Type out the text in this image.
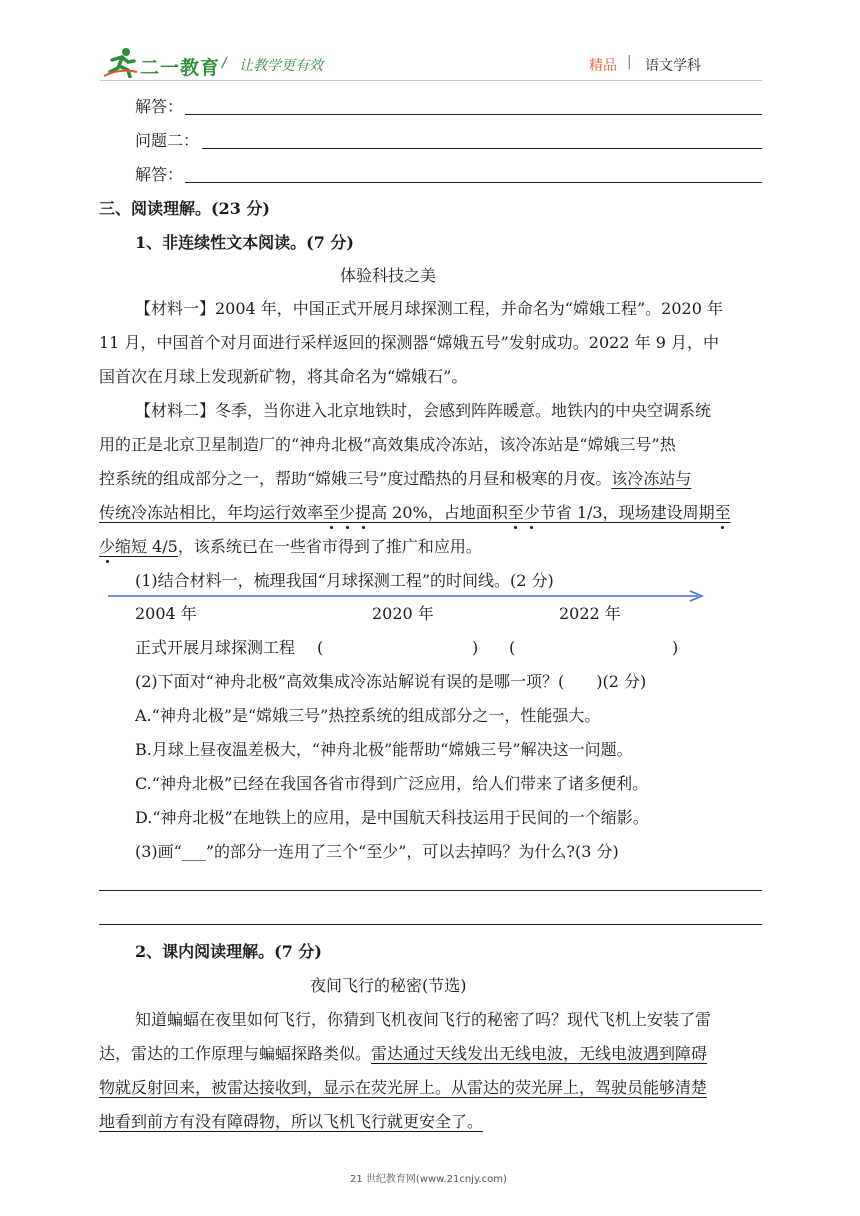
二一教育 / 让教学更有效	精品 | 语文学科
解答：
问题二：
解答：
三、阅读理解。(23 分)
1、非连续性文本阅读。(7 分)
体验科技之美
【材料一】2004 年，中国正式开展月球探测工程，并命名为“嫦娥工程”。2020 年
11 月，中国首个对月面进行采样返回的探测器“嫦娥五号”发射成功。2022 年 9 月，中
国首次在月球上发现新矿物，将其命名为“嫦娥石”。
【材料二】冬季，当你进入北京地铁时，会感到阵阵暖意。地铁内的中央空调系统
用的正是北京卫星制造厂的“神舟北极”高效集成冷冻站，该冷冻站是“嫦娥三号”热
控系统的组成部分之一，帮助“嫦娥三号”度过酷热的月昼和极寒的月夜。该冷冻站与
传统冷冻站相比，年均运行效率至少提高 20%，占地面积至少节省 1/3，现场建设周期至
少缩短 4/5，该系统已在一些省市得到了推广和应用。
(1)结合材料一，梳理我国“月球探测工程”的时间线。(2 分)
2004 年	2020 年	2022 年
正式开展月球探测工程 (	) (	)
(2)下面对“神舟北极”高效集成冷冻站解说有误的是哪一项？(　　)(2 分)
A.“神舟北极”是“嫦娥三号”热控系统的组成部分之一，性能强大。
B.月球上昼夜温差极大，“神舟北极”能帮助“嫦娥三号”解决这一问题。
C.“神舟北极”已经在我国各省市得到广泛应用，给人们带来了诸多便利。
D.“神舟北极”在地铁上的应用，是中国航天科技运用于民间的一个缩影。
(3)画“___”的部分一连用了三个“至少”，可以去掉吗？为什么?(3 分)
2、课内阅读理解。(7 分)
夜间飞行的秘密(节选)
知道蝙蝠在夜里如何飞行，你猜到飞机夜间飞行的秘密了吗？现代飞机上安装了雷
达，雷达的工作原理与蝙蝠探路类似。雷达通过天线发出无线电波，无线电波遇到障碍
物就反射回来，被雷达接收到，显示在荧光屏上。从雷达的荧光屏上，驾驶员能够清楚
地看到前方有没有障碍物，所以飞机飞行就更安全了。
21 世纪教育网(www.21cnjy.com)
